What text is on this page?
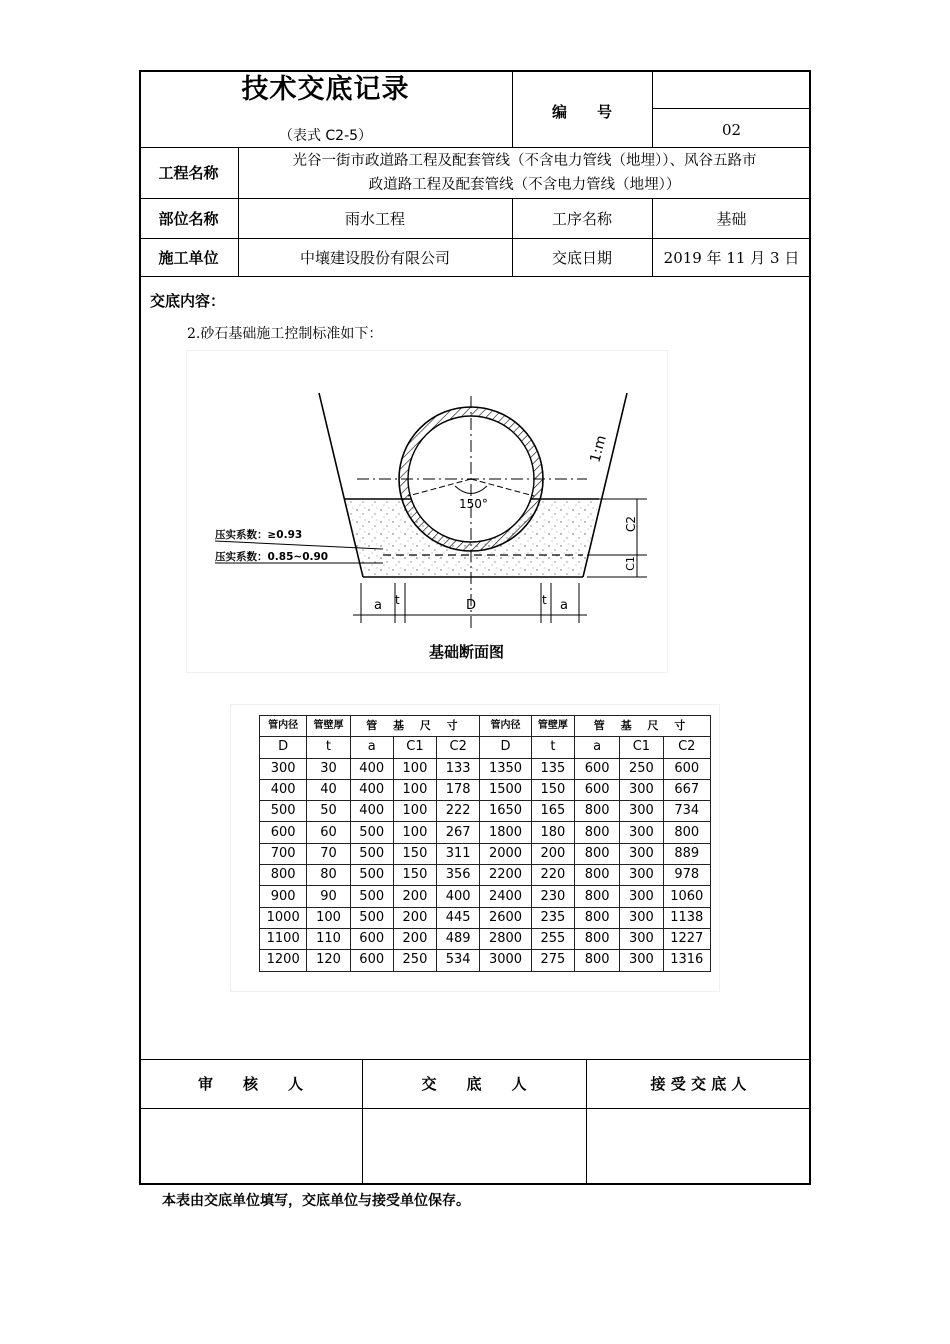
技术交底记录
（表式 C2-5）
编　　号
02
工程名称
光谷一街市政道路工程及配套管线（不含电力管线（地埋））、风谷五路市
政道路工程及配套管线（不含电力管线（地埋））
部位名称	雨水工程	工序名称	基础
施工单位	中壤建设股份有限公司	交底日期	2019 年 11 月 3 日
交底内容：
2.砂石基础施工控制标准如下：
1:m
150°
压实系数：≥0.93
压实系数：0.85~0.90
C2
C1
a t	D	t a
基础断面图
管内径	管壁厚	管 基 尺 寸			管内径	管壁厚	管 基 尺 寸		
D	t	a	C1	C2	D	t	a	C1	C2
300	30	400	100	133	1350	135	600	250	600
400	40	400	100	178	1500	150	600	300	667
500	50	400	100	222	1650	165	800	300	734
600	60	500	100	267	1800	180	800	300	800
700	70	500	150	311	2000	200	800	300	889
800	80	500	150	356	2200	220	800	300	978
900	90	500	200	400	2400	230	800	300	1060
1000	100	500	200	445	2600	235	800	300	1138
1100	110	600	200	489	2800	255	800	300	1227
1200	120	600	250	534	3000	275	800	300	1316
审　　核　　人	交　　底　　人	接 受 交 底 人
本表由交底单位填写，交底单位与接受单位保存。
